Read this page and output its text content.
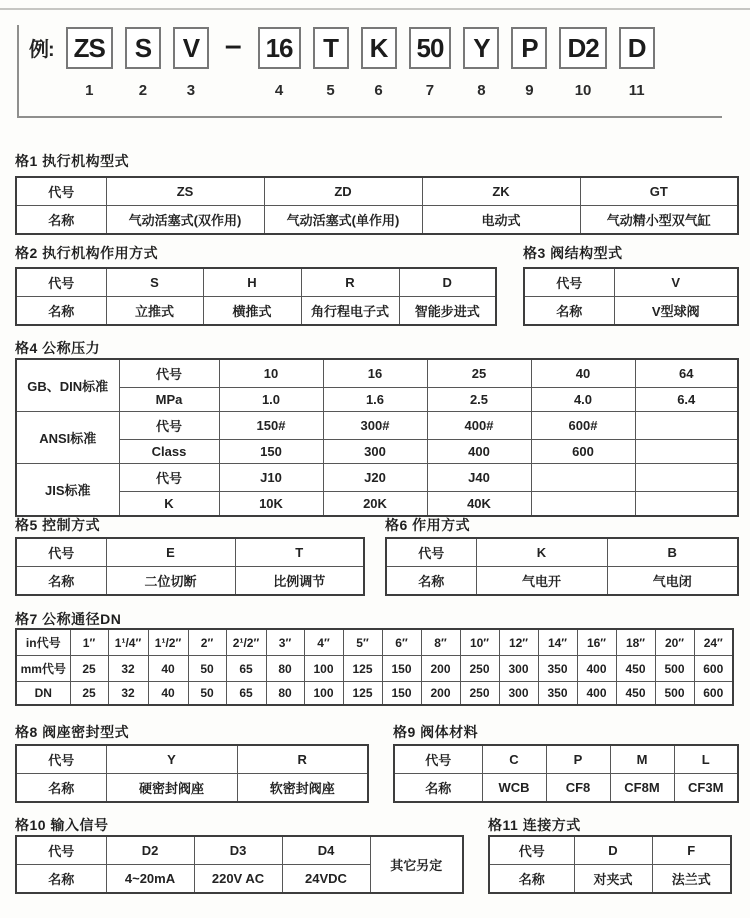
例: ZS
1
S
2
V
3
– 16
4
T
5
K
6
50
7
Y
8
P
9
D2
10
D
11
格1 执行机构型式
代号	ZS	ZD	ZK	GT
名称	气动活塞式(双作用)	气动活塞式(单作用)	电动式	气动精小型双气缸
格2 执行机构作用方式
代号	S	H	R	D
名称	立推式	横推式	角行程电子式	智能步进式
格3 阀结构型式
代号	V
名称	V型球阀
格4 公称压力
GB、DIN标准	代号	10	16	25	40	64
	MPa	1.0	1.6	2.5	4.0	6.4
ANSI标准	代号	150#	300#	400#	600#	
	Class	150	300	400	600	
JIS标准	代号	J10	J20	J40		
	K	10K	20K	40K		
格5 控制方式
代号	E	T
名称	二位切断	比例调节
格6 作用方式
代号	K	B
名称	气电开	气电闭
格7 公称通径DN
in代号	1″	1¹/4″	1¹/2″	2″	2¹/2″	3″	4″	5″	6″	8″	10″	12″	14″	16″	18″	20″	24″
mm代号	25	32	40	50	65	80	100	125	150	200	250	300	350	400	450	500	600
DN	25	32	40	50	65	80	100	125	150	200	250	300	350	400	450	500	600
格8 阀座密封型式
代号	Y	R
名称	硬密封阀座	软密封阀座
格9 阀体材料
代号	C	P	M	L
名称	WCB	CF8	CF8M	CF3M
格10 输入信号
代号	D2	D3	D4	其它另定
名称	4~20mA	220V AC	24VDC	
格11 连接方式
代号	D	F
名称	对夹式	法兰式
